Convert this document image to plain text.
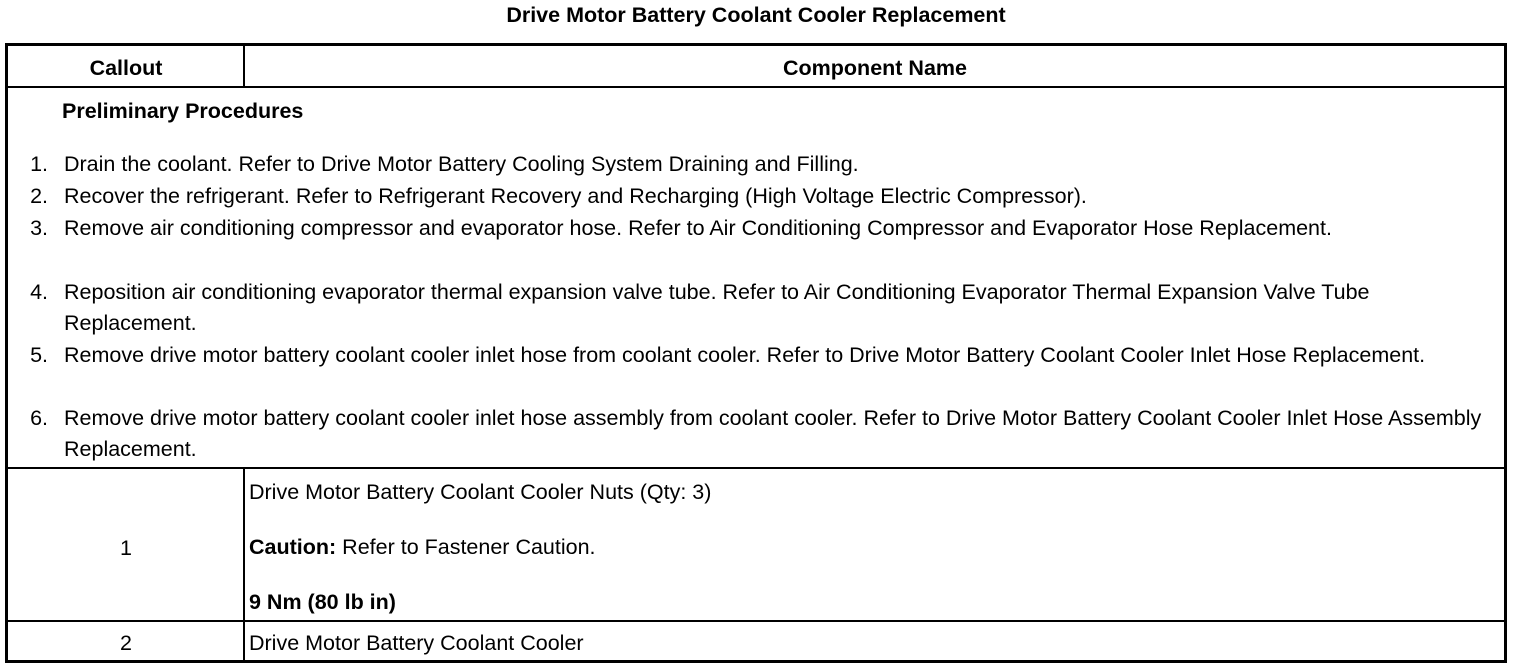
Drive Motor Battery Coolant Cooler Replacement
Callout	Component Name
Preliminary Procedures
1. Drain the coolant. Refer to Drive Motor Battery Cooling System Draining and Filling.
2. Recover the refrigerant. Refer to Refrigerant Recovery and Recharging (High Voltage Electric Compressor).
3. Remove air conditioning compressor and evaporator hose. Refer to Air Conditioning Compressor and Evaporator Hose Replacement.
4. Reposition air conditioning evaporator thermal expansion valve tube. Refer to Air Conditioning Evaporator Thermal Expansion Valve Tube Replacement.
5. Remove drive motor battery coolant cooler inlet hose from coolant cooler. Refer to Drive Motor Battery Coolant Cooler Inlet Hose Replacement.
6. Remove drive motor battery coolant cooler inlet hose assembly from coolant cooler. Refer to Drive Motor Battery Coolant Cooler Inlet Hose Assembly Replacement.
1
Drive Motor Battery Coolant Cooler Nuts (Qty: 3)
Caution: Refer to Fastener Caution.
9 Nm (80 lb in)
2	Drive Motor Battery Coolant Cooler
